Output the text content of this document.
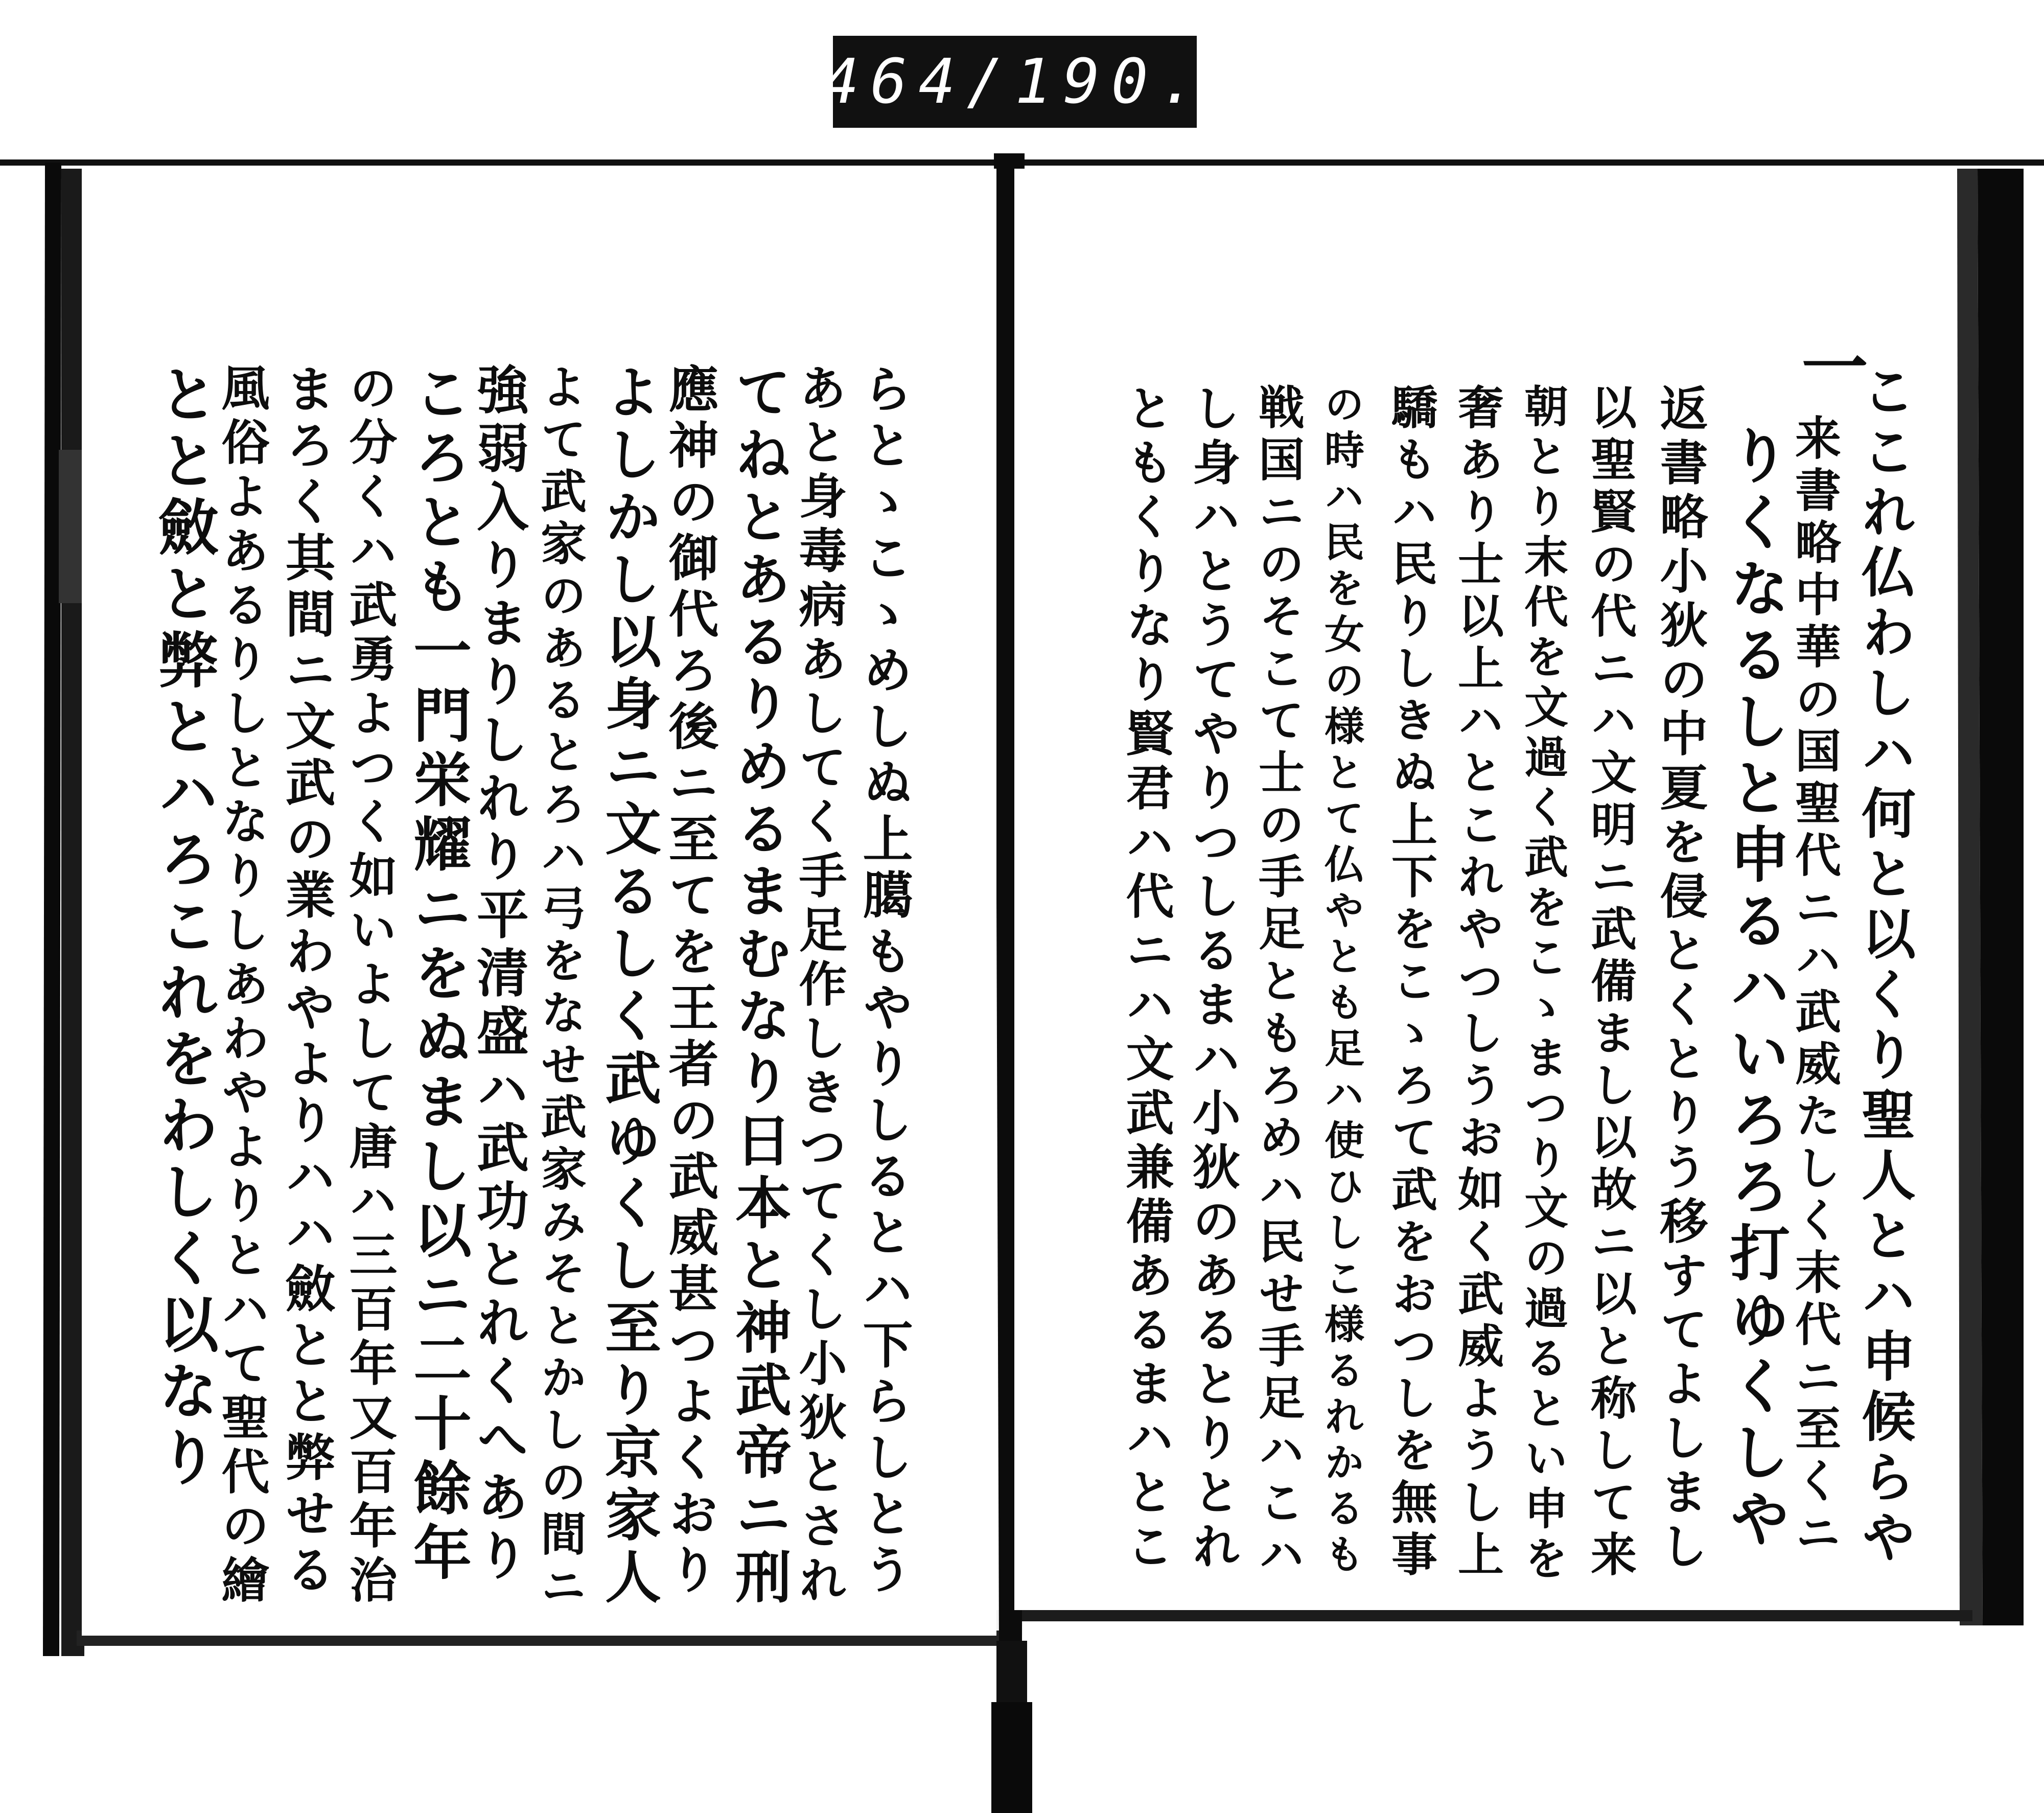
464 / 190.
一
ここれ仏わしハ何と以くり聖人とハ申候らや
来書略中華の国聖代ニハ武威たしく末代ニ至くニ
りくなるしと申るハいろろ打ゆくしや
返書略小狄の中夏を侵とくとりう移すてよしまし
以聖賢の代ニハ文明ニ武備まし以故ニ以と称して来
朝とり末代を文過く武をこゝまつり文の過るとい申を
奢あり士以上ハとこれやつしうお如く武威ようし上
驕もハ民りしきぬ上下をこゝろて武をおつしを無事
の時ハ民を女の様とて仏やとも足ハ使ひしこ様るれかるも
戦国ニのそこて士の手足ともろめハ民せ手足ハこハ
し身ハとうてやりつしるまハ小狄のあるとりとれ
ともくりなり賢君ハ代ニハ文武兼備あるまハとこ
らとゝこゝめしぬ上臈もやりしるとハ下らしとう
あと身毒病あしてく手足作しきつてくし小狄とされ
てねとあるりめるまむなり日本と神武帝ニ刑
應神の御代ろ後ニ至てを王者の武威甚つよくおり
よしかし以身ニ文るしく武ゆくし至り京家人
よて武家のあるとろハ弓をなせ武家みそとかしの間ニ
強弱入りまりしれり平清盛ハ武功とれくへあり
ころとも一門栄耀ニをぬまし以ニ二十餘年
の分くハ武勇よつく如いよして唐ハ三百年又百年治
まろく其間ニ文武の業わやよりハハ斂とと弊せる
風俗よあるりしとなりしあわやよりとハて聖代の繪
とと斂と弊とハろこれをわしく以なり
